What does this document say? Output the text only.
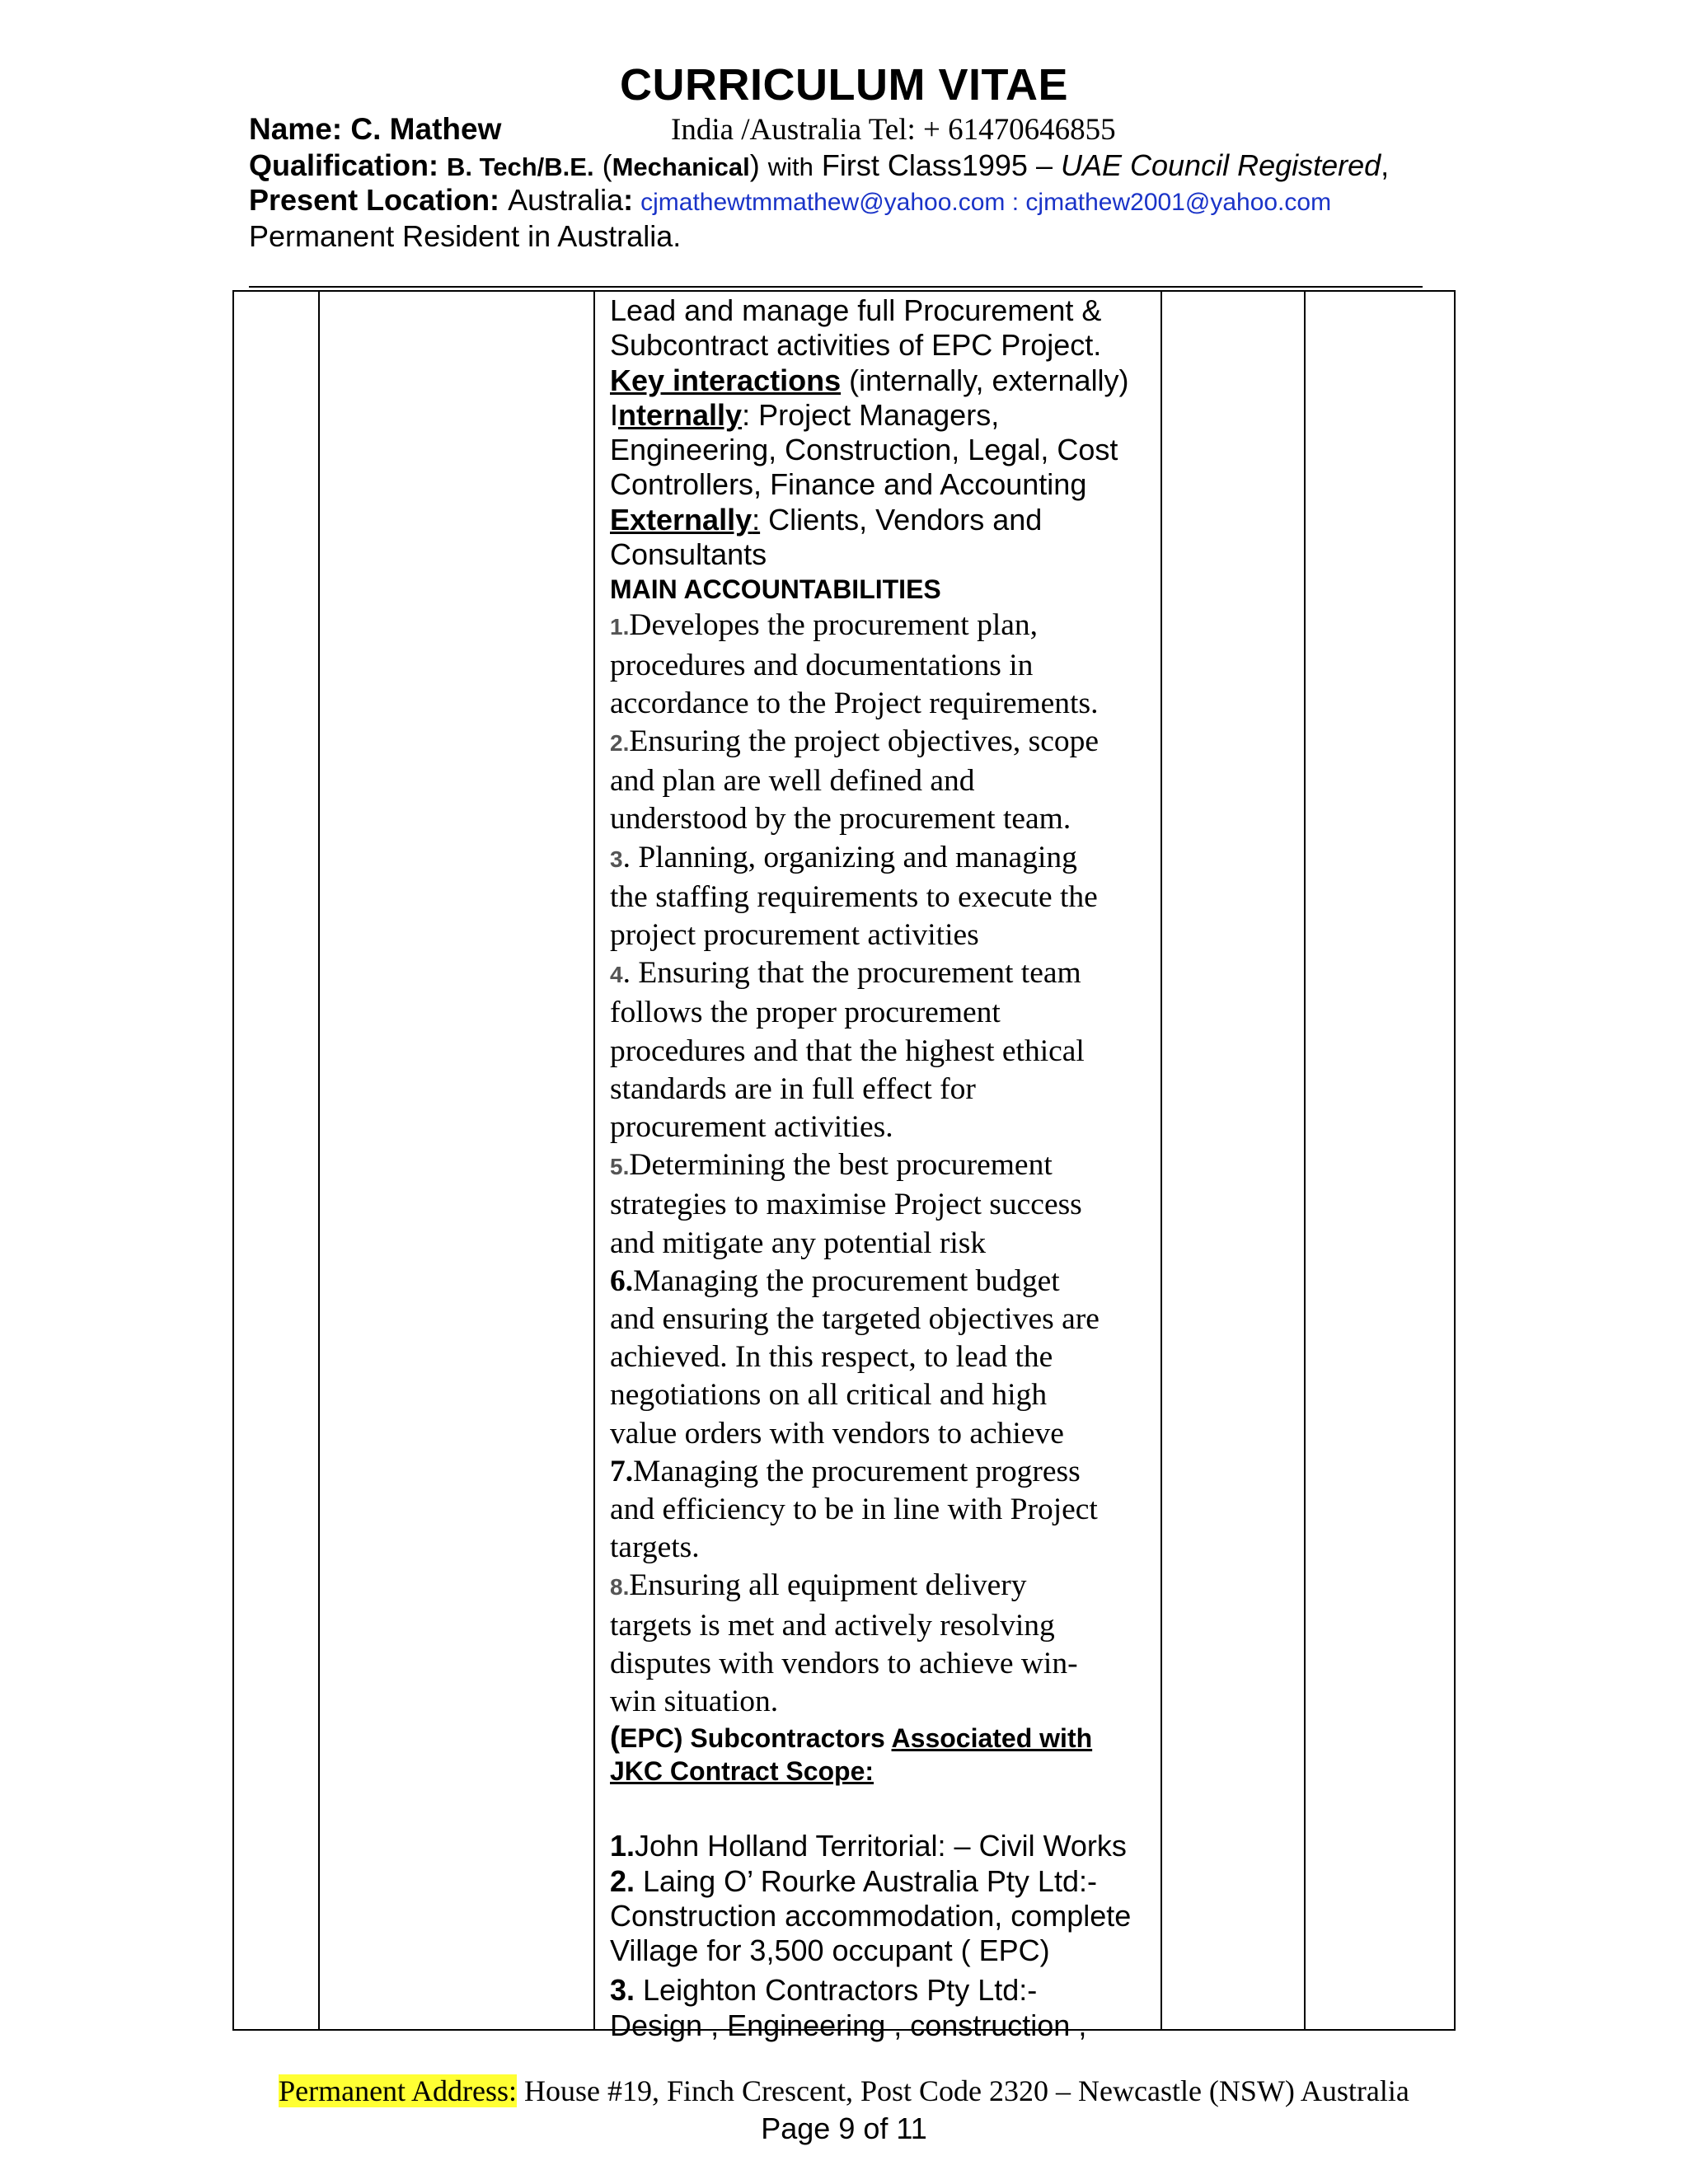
CURRICULUM VITAE
Name: C. Mathew	India /Australia Tel: + 61470646855
Qualification: B. Tech/B.E. (Mechanical) with First Class1995 – UAE Council Registered,
Present Location: Australia: cjmathewtmmathew@yahoo.com : cjmathew2001@yahoo.com
Permanent Resident in Australia.

Lead and manage full Procurement &

Subcontract activities of EPC Project.

Key interactions (internally, externally)

Internally: Project Managers,

Engineering, Construction, Legal, Cost

Controllers, Finance and Accounting

Externally: Clients, Vendors and

Consultants

MAIN ACCOUNTABILITIES

1.Developes the procurement plan,

procedures and documentations in

accordance to the Project requirements.

2.Ensuring the project objectives, scope

and plan are well defined and

understood by the procurement team.

3. Planning, organizing and managing

the staffing requirements to execute the

project procurement activities

4. Ensuring that the procurement team

follows the proper procurement

procedures and that the highest ethical

standards are in full effect for

procurement activities.

5.Determining the best procurement

strategies to maximise Project success

and mitigate any potential risk

6.Managing the procurement budget

and ensuring the targeted objectives are

achieved. In this respect, to lead the

negotiations on all critical and high

value orders with vendors to achieve

7.Managing the procurement progress

and efficiency to be in line with Project

targets.

8.Ensuring all equipment delivery

targets is met and actively resolving

disputes with vendors to achieve win-

win situation.

(EPC) Subcontractors Associated with

JKC Contract Scope:

1.John Holland Territorial: – Civil Works

2. Laing O’ Rourke Australia Pty Ltd:-

Construction accommodation, complete

Village for 3,500 occupant ( EPC)

3. Leighton Contractors Pty Ltd:-

Design , Engineering , construction ,

Permanent Address: House #19, Finch Crescent, Post Code 2320 – Newcastle (NSW) Australia
Page 9 of 11
